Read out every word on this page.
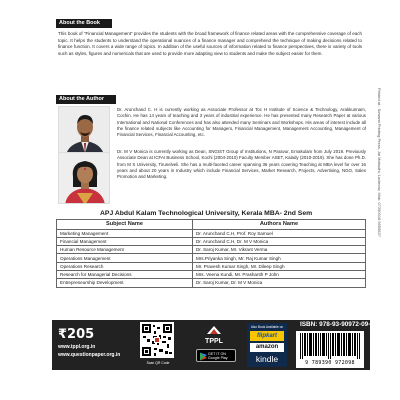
About the Book
This book of “Financial Management” provides the students with the broad framework of finance related areas with the comprehensive coverage of each topic. It helps the students to understand the operational nuances of a finance manager and comprehend the technique of making decisions related to finance function. It covers a wide range of topics. In addition of the useful sources of information related to finance perspectives, there is variety of tools such as styles, figures and numericals that are used to provide more adapting view to students and make the subject easier for them.
About the Author
Dr. Arunchand C. H is currently working as Associate Professor at Toc H Institute of Science & Technology, Arakkunnam, Cochin. He has 14 years of teaching and 3 years of industrial experience. He has presented many Research Paper at various International and National Conferences and has also attended many Seminars and Workshops. His areas of interest include all the finance related subjects like Accounting for Managers, Financial Management, Management Accounting, Management of Financial Services, Financial Accounting, etc.
Dr. M V Monica is currently working as Dean, SNGIST Group of Institutions, N Paravur, Ernakulam from July 2019. Previously Associate Dean at ICFAI Business School, Kochi (2004-2010) Faculty Member ASET, Kalady (2010-2019). She has done Ph.D. from M S University, Tirunelveli. She has a multi-faceted career spanning 36 years covering Teaching at MBA level for over 16 years and about 20 years in Industry which include Financial Services, Market Research, Projects, Advertising, NGO, Sales Promotion and Marketing.	Printed at : Sowami Printing Press, Jai Mahudhi, Lucknow, Mob: 07290018 9555637
APJ Abdul Kalam Technological University, Kerala MBA- 2nd Sem
Subject Name	Authors Name
Marketing Management	Dr. Arunchand C.H, Prof. Roy Samuel
Financial Management	Dr. Arunchand C.H, Dr. M V Monica
Human Resource Management	Dr. Saroj Kumar, Mr. Vikrant Verma
Operations Management	Mrs.Priyanka Singh, Mr. Raj Kumar Singh
Operations Research	Mr. Pravesh Kumar Singh, Mr. Dileep Singh
Research for Managerial Decisions	Mrs. Veena Kundi, Mr. Prashanth P John
Entrepreneurship Development	Dr. Saroj Kumar, Dr. M V Monica
₹205
www.tppl.org.in
www.questionpaper.org.in
Scan QR Code
TPPL
GET IT ON Google Play
Also Book Available on
flipkart
amazon
kindle
ISBN: 978-93-90972-09-8
9 789390 972098
